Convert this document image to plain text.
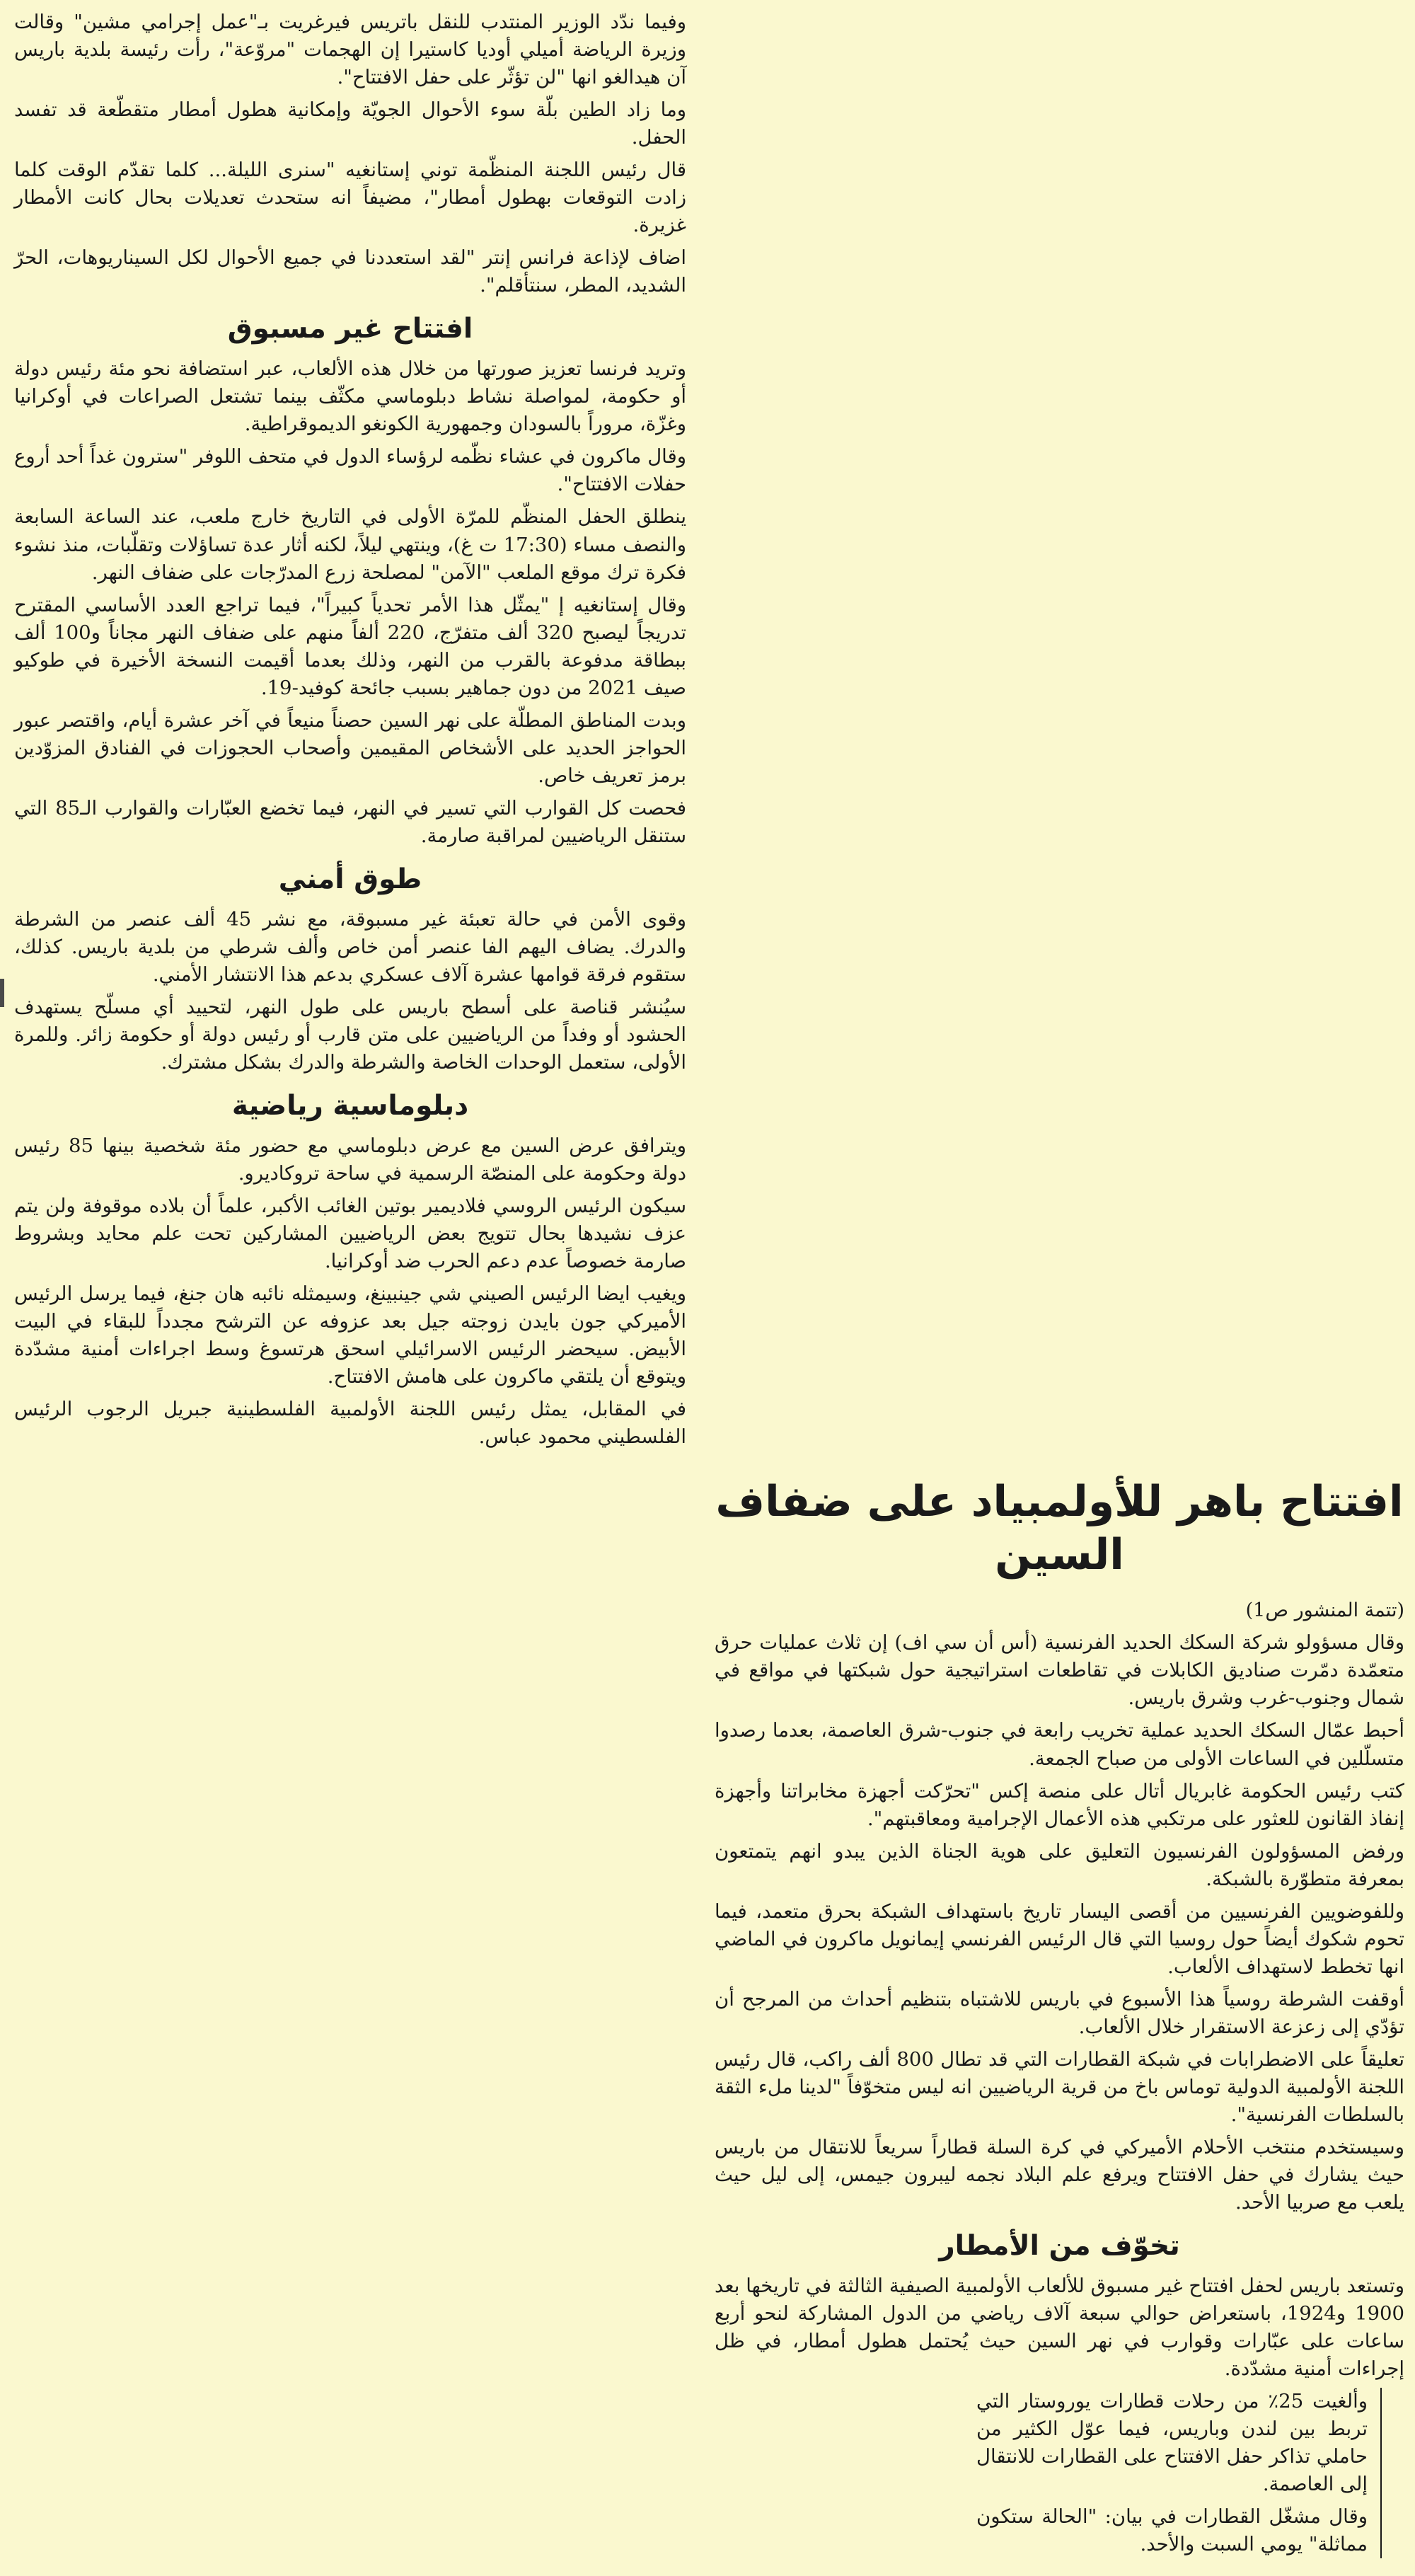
وفيما ندّد الوزير المنتدب للنقل باتريس فيرغريت بـ"عمل إجرامي مشين" وقالت وزيرة الرياضة أميلي أوديا كاستيرا إن الهجمات "مروّعة"، رأت رئيسة بلدية باريس آن هيدالغو انها "لن تؤثّر على حفل الافتتاح".

وما زاد الطين بلّة سوء الأحوال الجويّة وإمكانية هطول أمطار متقطّعة قد تفسد الحفل.

قال رئيس اللجنة المنظّمة توني إستانغيه "سنرى الليلة... كلما تقدّم الوقت كلما زادت التوقعات بهطول أمطار"، مضيفاً انه ستحدث تعديلات بحال كانت الأمطار غزيرة.

اضاف لإذاعة فرانس إنتر "لقد استعددنا في جميع الأحوال لكل السيناريوهات، الحرّ الشديد، المطر، سنتأقلم".

افتتاح غير مسبوق

وتريد فرنسا تعزيز صورتها من خلال هذه الألعاب، عبر استضافة نحو مئة رئيس دولة أو حكومة، لمواصلة نشاط دبلوماسي مكثّف بينما تشتعل الصراعات في أوكرانيا وغزّة، مروراً بالسودان وجمهورية الكونغو الديموقراطية.

وقال ماكرون في عشاء نظّمه لرؤساء الدول في متحف اللوفر "سترون غداً أحد أروع حفلات الافتتاح".

ينطلق الحفل المنظّم للمرّة الأولى في التاريخ خارج ملعب، عند الساعة السابعة والنصف مساء (17:30 ت غ)، وينتهي ليلاً، لكنه أثار عدة تساؤلات وتقلّبات، منذ نشوء فكرة ترك موقع الملعب "الآمن" لمصلحة زرع المدرّجات على ضفاف النهر.

وقال إستانغيه إ "يمثّل هذا الأمر تحدياً كبيراً"، فيما تراجع العدد الأساسي المقترح تدريجاً ليصبح 320 ألف متفرّج، 220 ألفاً منهم على ضفاف النهر مجاناً و100 ألف ببطاقة مدفوعة بالقرب من النهر، وذلك بعدما أقيمت النسخة الأخيرة في طوكيو صيف 2021 من دون جماهير بسبب جائحة كوفيد-19.

وبدت المناطق المطلّة على نهر السين حصناً منيعاً في آخر عشرة أيام، واقتصر عبور الحواجز الحديد على الأشخاص المقيمين وأصحاب الحجوزات في الفنادق المزوّدين برمز تعريف خاص.

فحصت كل القوارب التي تسير في النهر، فيما تخضع العبّارات والقوارب الـ85 التي ستنقل الرياضيين لمراقبة صارمة.

طوق أمني

وقوى الأمن في حالة تعبئة غير مسبوقة، مع نشر 45 ألف عنصر من الشرطة والدرك. يضاف اليهم الفا عنصر أمن خاص وألف شرطي من بلدية باريس. كذلك، ستقوم فرقة قوامها عشرة آلاف عسكري بدعم هذا الانتشار الأمني.

سيُنشر قناصة على أسطح باريس على طول النهر، لتحييد أي مسلّح يستهدف الحشود أو وفداً من الرياضيين على متن قارب أو رئيس دولة أو حكومة زائر. وللمرة الأولى، ستعمل الوحدات الخاصة والشرطة والدرك بشكل مشترك.

دبلوماسية رياضية

ويترافق عرض السين مع عرض دبلوماسي مع حضور مئة شخصية بينها 85 رئيس دولة وحكومة على المنصّة الرسمية في ساحة تروكاديرو.

سيكون الرئيس الروسي فلاديمير بوتين الغائب الأكبر، علماً أن بلاده موقوفة ولن يتم عزف نشيدها بحال تتويج بعض الرياضيين المشاركين تحت علم محايد وبشروط صارمة خصوصاً عدم دعم الحرب ضد أوكرانيا.

ويغيب ايضا الرئيس الصيني شي جينبينغ، وسيمثله نائبه هان جنغ، فيما يرسل الرئيس الأميركي جون بايدن زوجته جيل بعد عزوفه عن الترشح مجدداً للبقاء في البيت الأبيض. سيحضر الرئيس الاسرائيلي اسحق هرتسوغ وسط اجراءات أمنية مشدّدة ويتوقع أن يلتقي ماكرون على هامش الافتتاح.

في المقابل، يمثل رئيس اللجنة الأولمبية الفلسطينية جبريل الرجوب الرئيس الفلسطيني محمود عباس.

افتتاح باهر للأولمبياد على ضفاف السين

(تتمة المنشور ص1)

وقال مسؤولو شركة السكك الحديد الفرنسية (أس أن سي اف) إن ثلاث عمليات حرق متعمّدة دمّرت صناديق الكابلات في تقاطعات استراتيجية حول شبكتها في مواقع في شمال وجنوب-غرب وشرق باريس.

أحبط عمّال السكك الحديد عملية تخريب رابعة في جنوب-شرق العاصمة، بعدما رصدوا متسلّلين في الساعات الأولى من صباح الجمعة.

كتب رئيس الحكومة غابريال أتال على منصة إكس "تحرّكت أجهزة مخابراتنا وأجهزة إنفاذ القانون للعثور على مرتكبي هذه الأعمال الإجرامية ومعاقبتهم".

ورفض المسؤولون الفرنسيون التعليق على هوية الجناة الذين يبدو انهم يتمتعون بمعرفة متطوّرة بالشبكة.

وللفوضويين الفرنسيين من أقصى اليسار تاريخ باستهداف الشبكة بحرق متعمد، فيما تحوم شكوك أيضاً حول روسيا التي قال الرئيس الفرنسي إيمانويل ماكرون في الماضي انها تخطط لاستهداف الألعاب.

أوقفت الشرطة روسياً هذا الأسبوع في باريس للاشتباه بتنظيم أحداث من المرجح أن تؤدّي إلى زعزعة الاستقرار خلال الألعاب.

تعليقاً على الاضطرابات في شبكة القطارات التي قد تطال 800 ألف راكب، قال رئيس اللجنة الأولمبية الدولية توماس باخ من قرية الرياضيين انه ليس متخوّفاً "لدينا ملء الثقة بالسلطات الفرنسية".

وسيستخدم منتخب الأحلام الأميركي في كرة السلة قطاراً سريعاً للانتقال من باريس حيث يشارك في حفل الافتتاح ويرفع علم البلاد نجمه ليبرون جيمس، إلى ليل حيث يلعب مع صربيا الأحد.

تخوّف من الأمطار

وتستعد باريس لحفل افتتاح غير مسبوق للألعاب الأولمبية الصيفية الثالثة في تاريخها بعد 1900 و1924، باستعراض حوالي سبعة آلاف رياضي من الدول المشاركة لنحو أربع ساعات على عبّارات وقوارب في نهر السين حيث يُحتمل هطول أمطار، في ظل إجراءات أمنية مشدّدة.

وألغيت 25٪ من رحلات قطارات يوروستار التي تربط بين لندن وباريس، فيما عوّل الكثير من حاملي تذاكر حفل الافتتاح على القطارات للانتقال إلى العاصمة.

وقال مشغّل القطارات في بيان: "الحالة ستكون مماثلة" يومي السبت والأحد.
